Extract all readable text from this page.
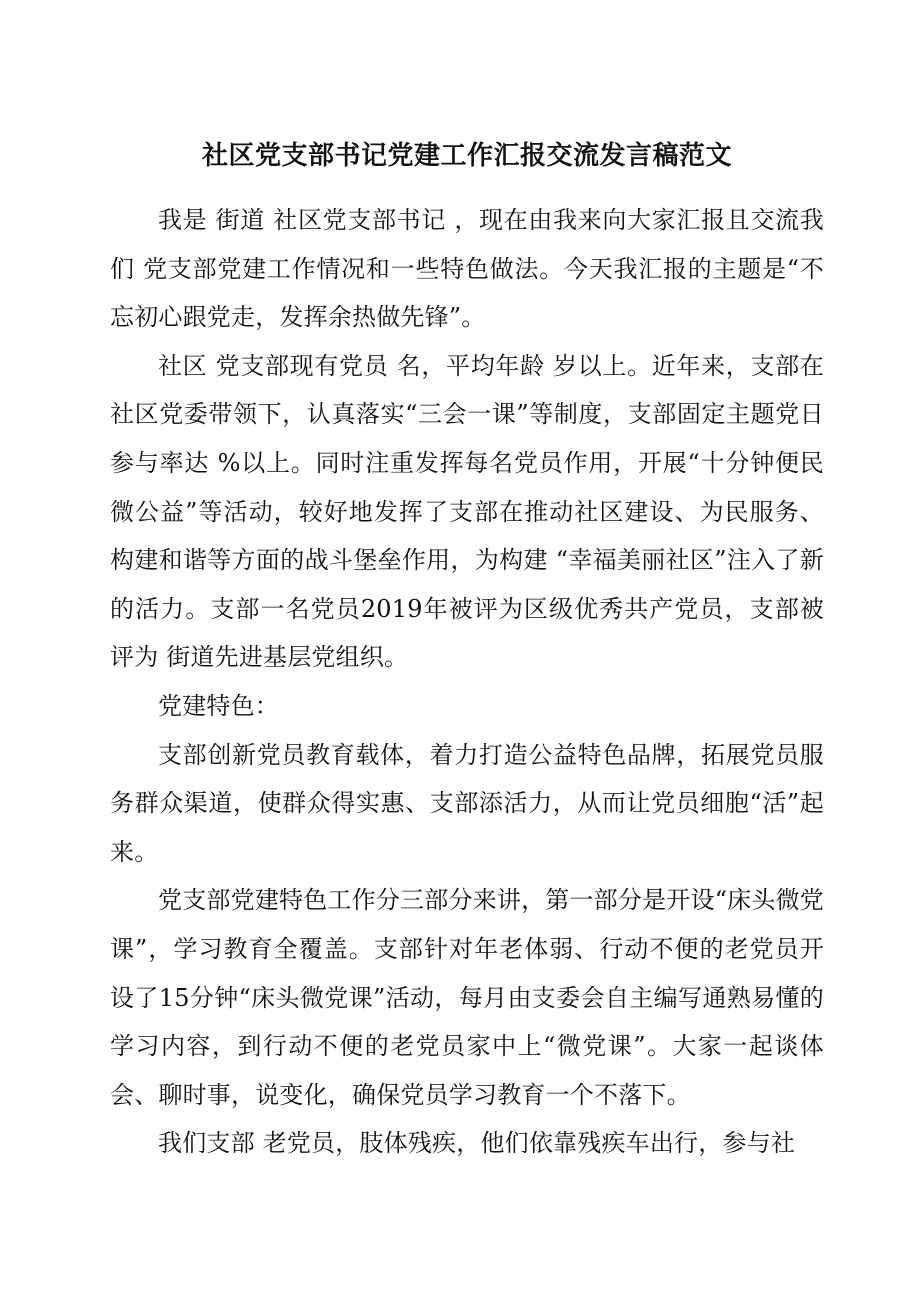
社区党支部书记党建工作汇报交流发言稿范文

我是 街道 社区党支部书记 ，现在由我来向大家汇报且交流我们 党支部党建工作情况和一些特色做法。今天我汇报的主题是“不忘初心跟党走，发挥余热做先锋”。

社区 党支部现有党员 名，平均年龄 岁以上。近年来，支部在社区党委带领下，认真落实“三会一课”等制度，支部固定主题党日参与率达 %以上。同时注重发挥每名党员作用，开展“十分钟便民微公益”等活动，较好地发挥了支部在推动社区建设、为民服务、构建和谐等方面的战斗堡垒作用，为构建 “幸福美丽社区”注入了新的活力。支部一名党员2019年被评为区级优秀共产党员，支部被评为 街道先进基层党组织。

党建特色：

支部创新党员教育载体，着力打造公益特色品牌，拓展党员服务群众渠道，使群众得实惠、支部添活力，从而让党员细胞“活”起来。

党支部党建特色工作分三部分来讲，第一部分是开设“床头微党课”，学习教育全覆盖。支部针对年老体弱、行动不便的老党员开设了15分钟“床头微党课”活动，每月由支委会自主编写通熟易懂的学习内容，到行动不便的老党员家中上“微党课”。大家一起谈体会、聊时事，说变化，确保党员学习教育一个不落下。

我们支部 老党员，肢体残疾，他们依靠残疾车出行，参与社
